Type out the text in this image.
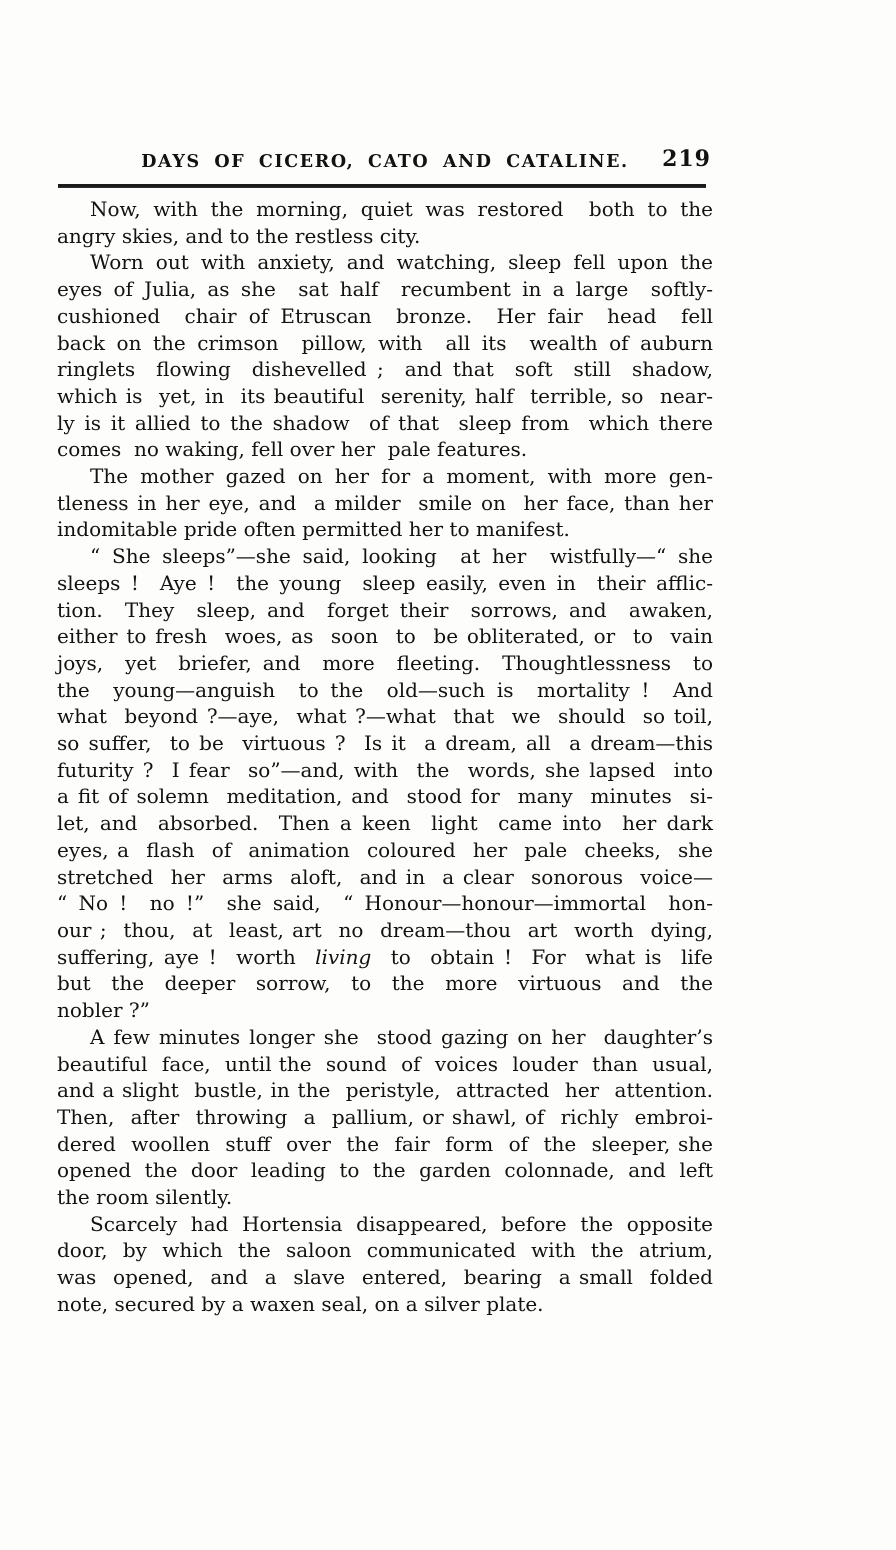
DAYS OF CICERO, CATO AND CATALINE.	219
Now, with the morning, quiet was restored  both to the
angry skies, and to the restless city.
Worn out with anxiety, and watching, sleep fell upon the
eyes of Julia, as she  sat half  recumbent in a large  softly-
cushioned  chair of Etruscan  bronze.  Her fair  head  fell
back on the crimson  pillow, with  all its  wealth of auburn
ringlets  flowing  dishevelled ;  and that  soft  still  shadow,
which is  yet, in  its beautiful  serenity, half  terrible, so  near-
ly is it allied to the shadow  of that  sleep from  which there
comes  no waking, fell over her  pale features.
The mother gazed on her for a moment, with more gen-
tleness in her eye, and  a milder  smile on  her face, than her
indomitable pride often permitted her to manifest.
“ She sleeps”—she said, looking  at her  wistfully—“ she
sleeps !  Aye !  the young  sleep easily, even in  their afflic-
tion.  They  sleep, and  forget their  sorrows, and  awaken,
either to fresh  woes, as  soon  to  be obliterated, or  to  vain
joys,  yet  briefer, and  more  fleeting.  Thoughtlessness  to
the  young—anguish  to the  old—such is  mortality !  And
what  beyond ?—aye,  what ?—what  that  we  should  so toil,
so suffer,  to be  virtuous ?  Is it  a dream, all  a dream—this
futurity ?  I fear  so”—and, with  the  words, she lapsed  into
a fit of solemn  meditation, and  stood for  many  minutes  si-
let, and  absorbed.  Then a keen  light  came into  her dark
eyes, a  flash  of  animation  coloured  her  pale  cheeks,  she
stretched  her  arms  aloft,  and in  a clear  sonorous  voice—
“ No !  no !”  she said,  “ Honour—honour—immortal  hon-
our ;  thou,  at  least, art  no  dream—thou  art  worth  dying,
suffering, aye !  worth  living  to  obtain !  For  what is  life
but  the  deeper  sorrow,  to  the  more  virtuous  and  the
nobler ?”
A few minutes longer she  stood gazing on her  daughter’s
beautiful  face,  until the  sound  of  voices  louder  than  usual,
and a slight  bustle, in the  peristyle,  attracted  her  attention.
Then,  after  throwing  a  pallium, or shawl, of  richly  embroi-
dered  woollen  stuff  over  the  fair  form  of  the  sleeper, she
opened  the  door  leading  to  the  garden  colonnade,  and  left
the room silently.
Scarcely had Hortensia disappeared, before the opposite
door,  by  which  the  saloon  communicated  with  the  atrium,
was  opened,  and  a  slave  entered,  bearing  a small  folded
note, secured by a waxen seal, on a silver plate.
